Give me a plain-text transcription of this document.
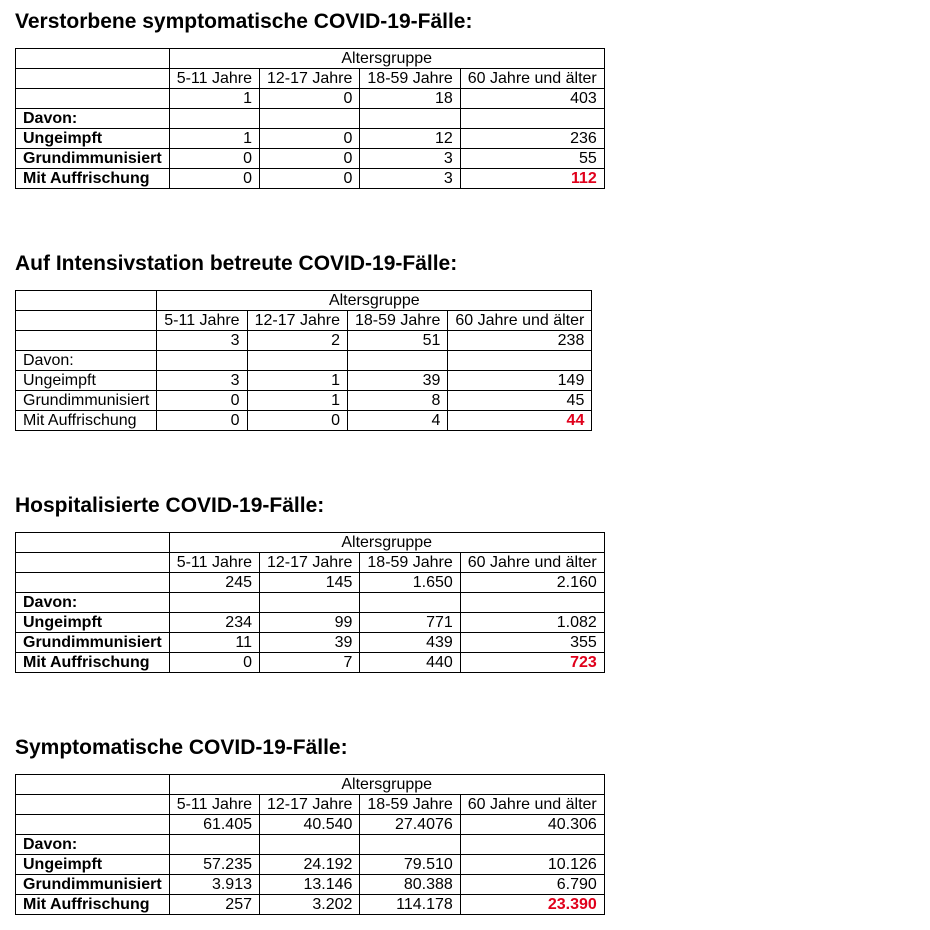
Verstorbene symptomatische COVID-19-Fälle:
	Altersgruppe			
	5-11 Jahre	12-17 Jahre	18-59 Jahre	60 Jahre und älter
	1	0	18	403
Davon:				
Ungeimpft	1	0	12	236
Grundimmunisiert	0	0	3	55
Mit Auffrischung	0	0	3	112
Auf Intensivstation betreute COVID-19-Fälle:
	Altersgruppe			
	5-11 Jahre	12-17 Jahre	18-59 Jahre	60 Jahre und älter
	3	2	51	238
Davon:				
Ungeimpft	3	1	39	149
Grundimmunisiert	0	1	8	45
Mit Auffrischung	0	0	4	44
Hospitalisierte COVID-19-Fälle:
	Altersgruppe			
	5-11 Jahre	12-17 Jahre	18-59 Jahre	60 Jahre und älter
	245	145	1.650	2.160
Davon:				
Ungeimpft	234	99	771	1.082
Grundimmunisiert	11	39	439	355
Mit Auffrischung	0	7	440	723
Symptomatische COVID-19-Fälle:
	Altersgruppe			
	5-11 Jahre	12-17 Jahre	18-59 Jahre	60 Jahre und älter
	61.405	40.540	27.4076	40.306
Davon:				
Ungeimpft	57.235	24.192	79.510	10.126
Grundimmunisiert	3.913	13.146	80.388	6.790
Mit Auffrischung	257	3.202	114.178	23.390
